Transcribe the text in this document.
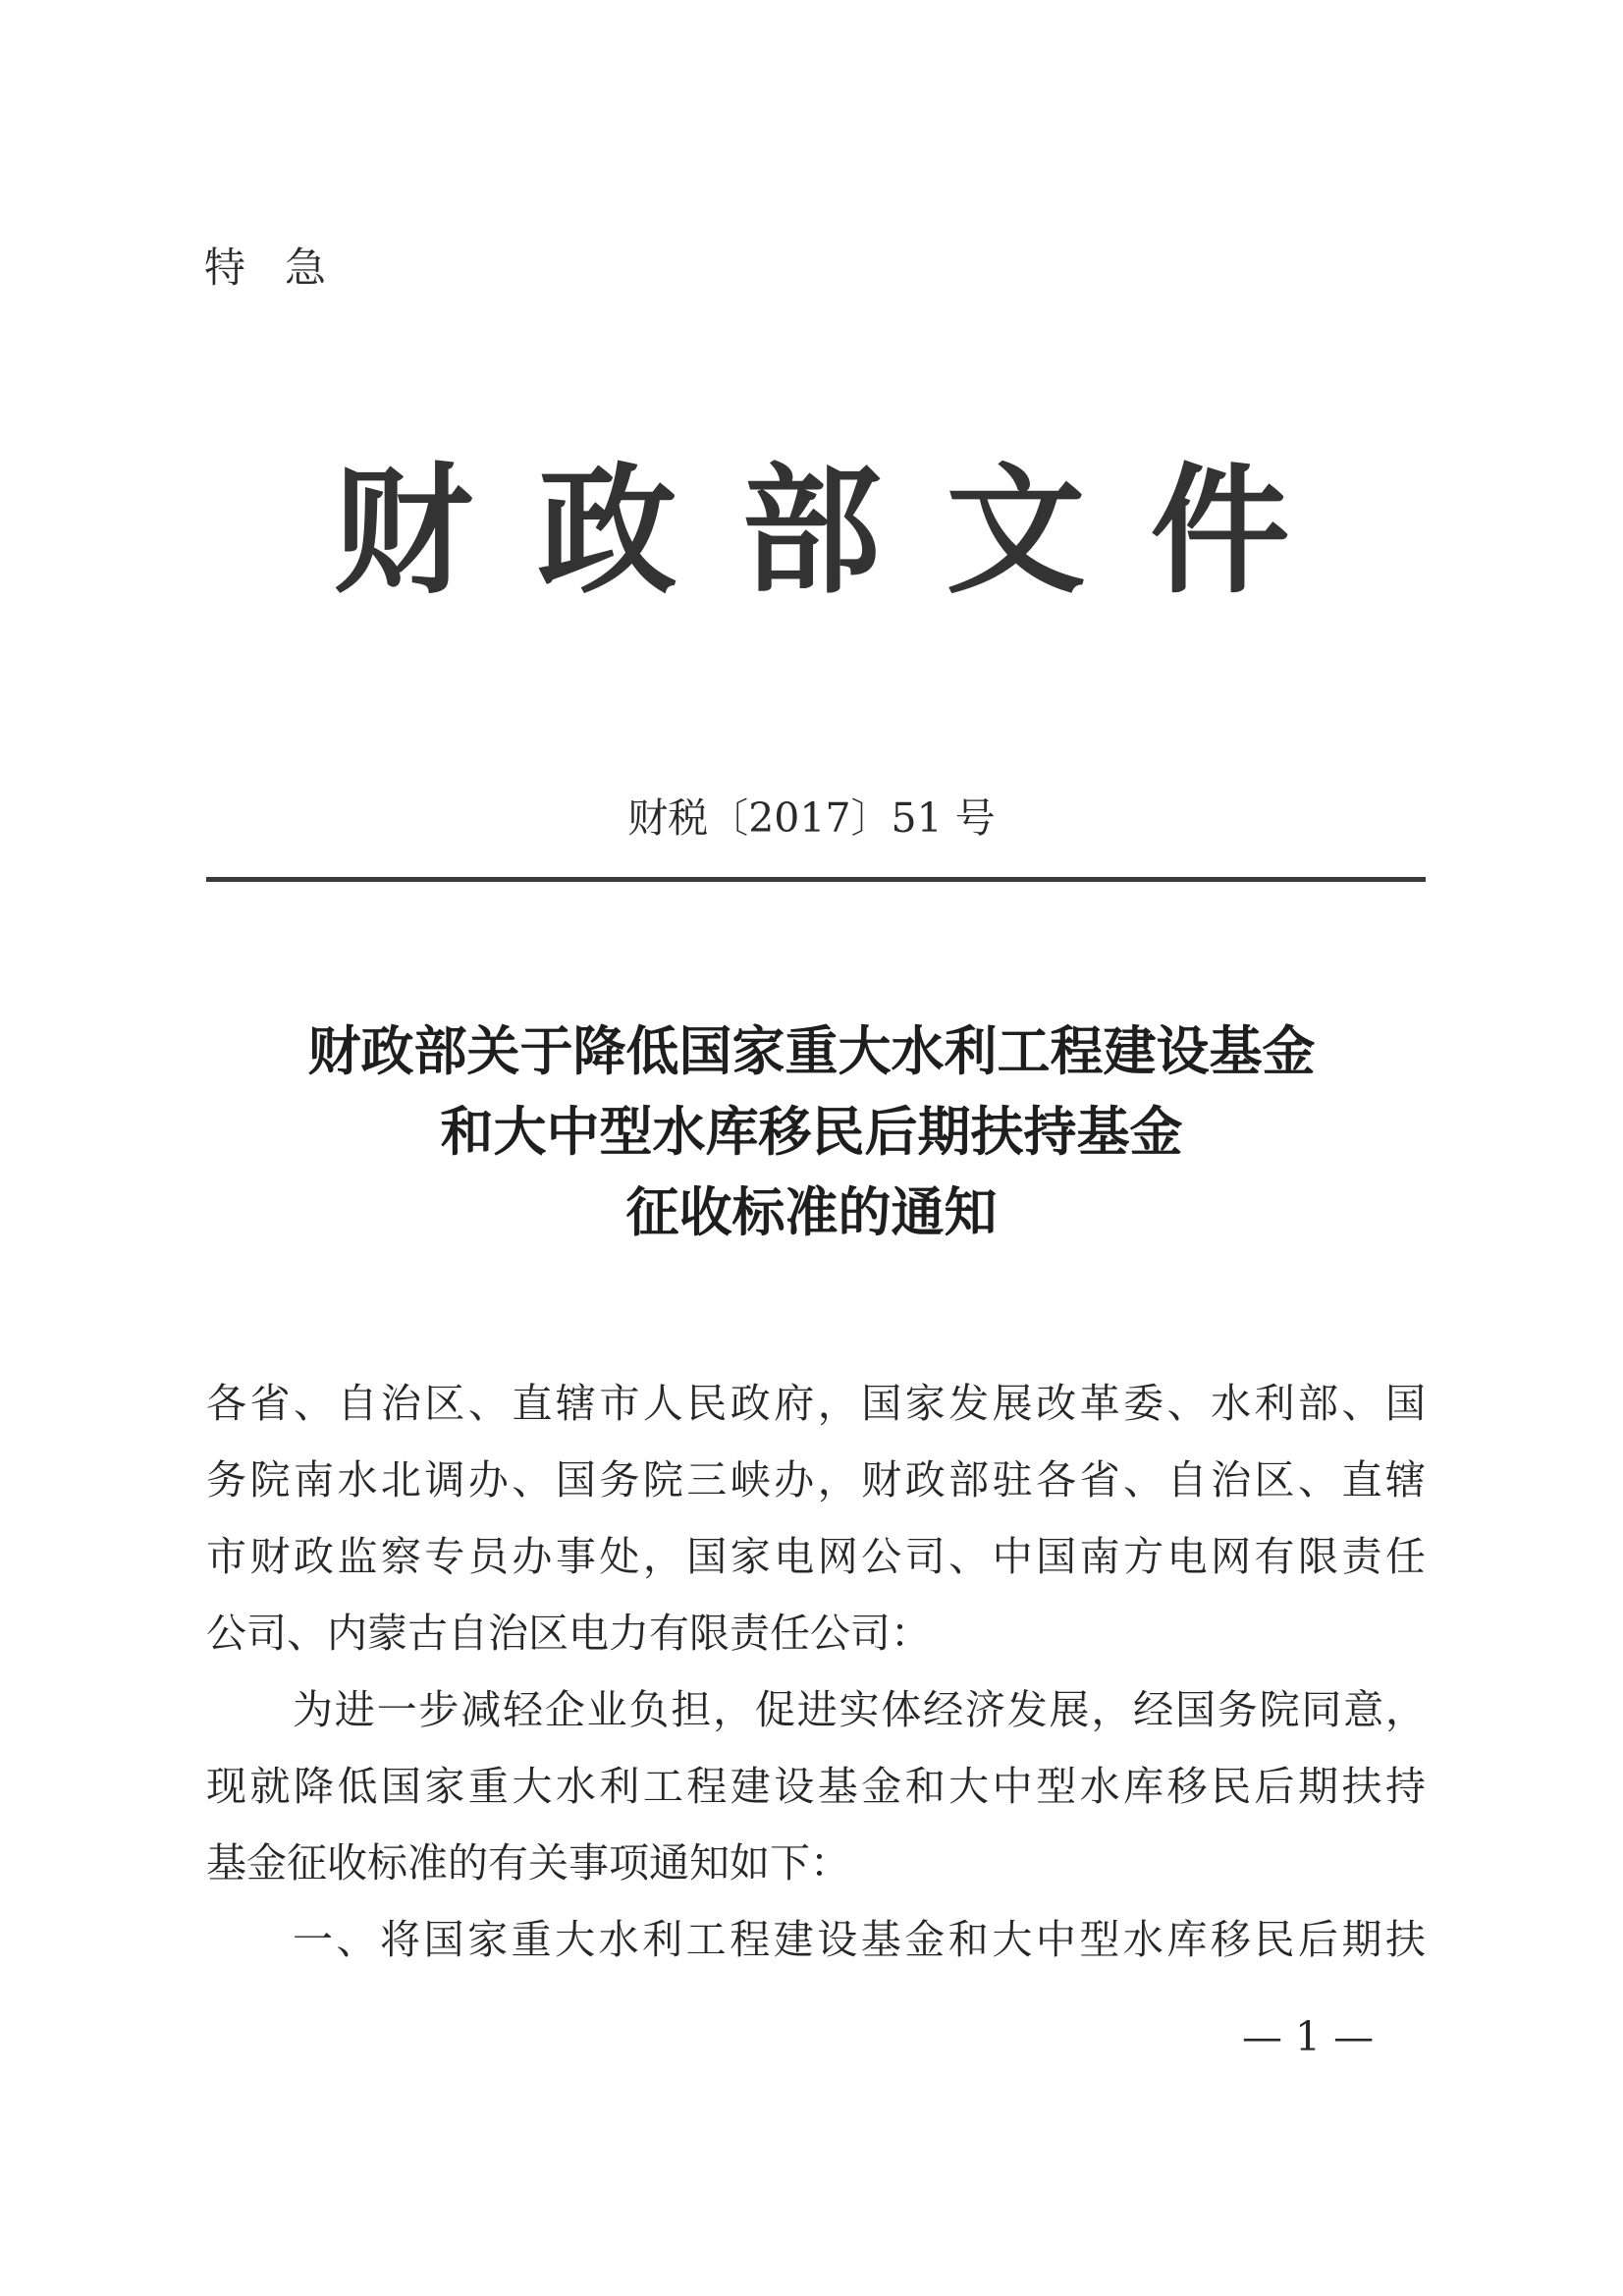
特急
财政部文件
财税〔2017〕51 号
财政部关于降低国家重大水利工程建设基金
和大中型水库移民后期扶持基金
征收标准的通知
各省、自治区、直辖市人民政府，国家发展改革委、水利部、国
务院南水北调办、国务院三峡办，财政部驻各省、自治区、直辖
市财政监察专员办事处，国家电网公司、中国南方电网有限责任
公司、内蒙古自治区电力有限责任公司：
为进一步减轻企业负担，促进实体经济发展，经国务院同意，
现就降低国家重大水利工程建设基金和大中型水库移民后期扶持
基金征收标准的有关事项通知如下：
一、将国家重大水利工程建设基金和大中型水库移民后期扶
— 1 —
